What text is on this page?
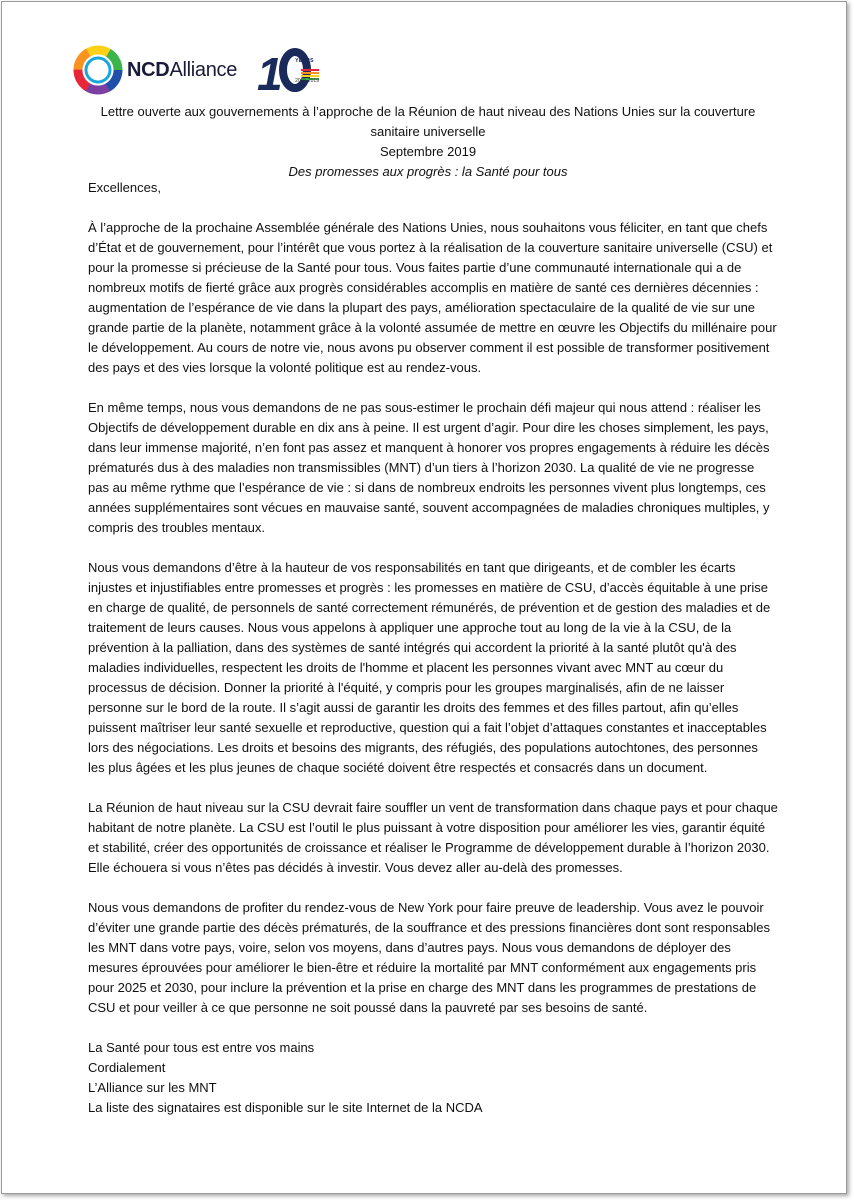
NCDAlliance 1 YEARS
2009-2019
Lettre ouverte aux gouvernements à l’approche de la Réunion de haut niveau des Nations Unies sur la couverture sanitaire universelle
Septembre 2019
Des promesses aux progrès : la Santé pour tous

Excellences,

À l’approche de la prochaine Assemblée générale des Nations Unies, nous souhaitons vous féliciter, en tant que chefs d’État et de gouvernement, pour l’intérêt que vous portez à la réalisation de la couverture sanitaire universelle (CSU) et pour la promesse si précieuse de la Santé pour tous. Vous faites partie d’une communauté internationale qui a de nombreux motifs de fierté grâce aux progrès considérables accomplis en matière de santé ces dernières décennies : augmentation de l’espérance de vie dans la plupart des pays, amélioration spectaculaire de la qualité de vie sur une grande partie de la planète, notamment grâce à la volonté assumée de mettre en œuvre les Objectifs du millénaire pour le développement. Au cours de notre vie, nous avons pu observer comment il est possible de transformer positivement des pays et des vies lorsque la volonté politique est au rendez-vous.

En même temps, nous vous demandons de ne pas sous-estimer le prochain défi majeur qui nous attend : réaliser les Objectifs de développement durable en dix ans à peine. Il est urgent d’agir. Pour dire les choses simplement, les pays, dans leur immense majorité, n’en font pas assez et manquent à honorer vos propres engagements à réduire les décès prématurés dus à des maladies non transmissibles (MNT) d’un tiers à l’horizon 2030. La qualité de vie ne progresse pas au même rythme que l’espérance de vie : si dans de nombreux endroits les personnes vivent plus longtemps, ces années supplémentaires sont vécues en mauvaise santé, souvent accompagnées de maladies chroniques multiples, y compris des troubles mentaux.

Nous vous demandons d’être à la hauteur de vos responsabilités en tant que dirigeants, et de combler les écarts injustes et injustifiables entre promesses et progrès : les promesses en matière de CSU, d’accès équitable à une prise en charge de qualité, de personnels de santé correctement rémunérés, de prévention et de gestion des maladies et de traitement de leurs causes. Nous vous appelons à appliquer une approche tout au long de la vie à la CSU, de la prévention à la palliation, dans des systèmes de santé intégrés qui accordent la priorité à la santé plutôt qu'à des maladies individuelles, respectent les droits de l'homme et placent les personnes vivant avec MNT au cœur du processus de décision. Donner la priorité à l'équité, y compris pour les groupes marginalisés, afin de ne laisser personne sur le bord de la route. Il s’agit aussi de garantir les droits des femmes et des filles partout, afin qu’elles puissent maîtriser leur santé sexuelle et reproductive, question qui a fait l’objet d’attaques constantes et inacceptables lors des négociations. Les droits et besoins des migrants, des réfugiés, des populations autochtones, des personnes les plus âgées et les plus jeunes de chaque société doivent être respectés et consacrés dans un document.

La Réunion de haut niveau sur la CSU devrait faire souffler un vent de transformation dans chaque pays et pour chaque habitant de notre planète. La CSU est l’outil le plus puissant à votre disposition pour améliorer les vies, garantir équité et stabilité, créer des opportunités de croissance et réaliser le Programme de développement durable à l’horizon 2030. Elle échouera si vous n’êtes pas décidés à investir. Vous devez aller au-delà des promesses.

Nous vous demandons de profiter du rendez-vous de New York pour faire preuve de leadership. Vous avez le pouvoir d’éviter une grande partie des décès prématurés, de la souffrance et des pressions financières dont sont responsables les MNT dans votre pays, voire, selon vos moyens, dans d’autres pays. Nous vous demandons de déployer des mesures éprouvées pour améliorer le bien-être et réduire la mortalité par MNT conformément aux engagements pris pour 2025 et 2030, pour inclure la prévention et la prise en charge des MNT dans les programmes de prestations de CSU et pour veiller à ce que personne ne soit poussé dans la pauvreté par ses besoins de santé.

La Santé pour tous est entre vos mains
Cordialement
L’Alliance sur les MNT
La liste des signataires est disponible sur le site Internet de la NCDA
